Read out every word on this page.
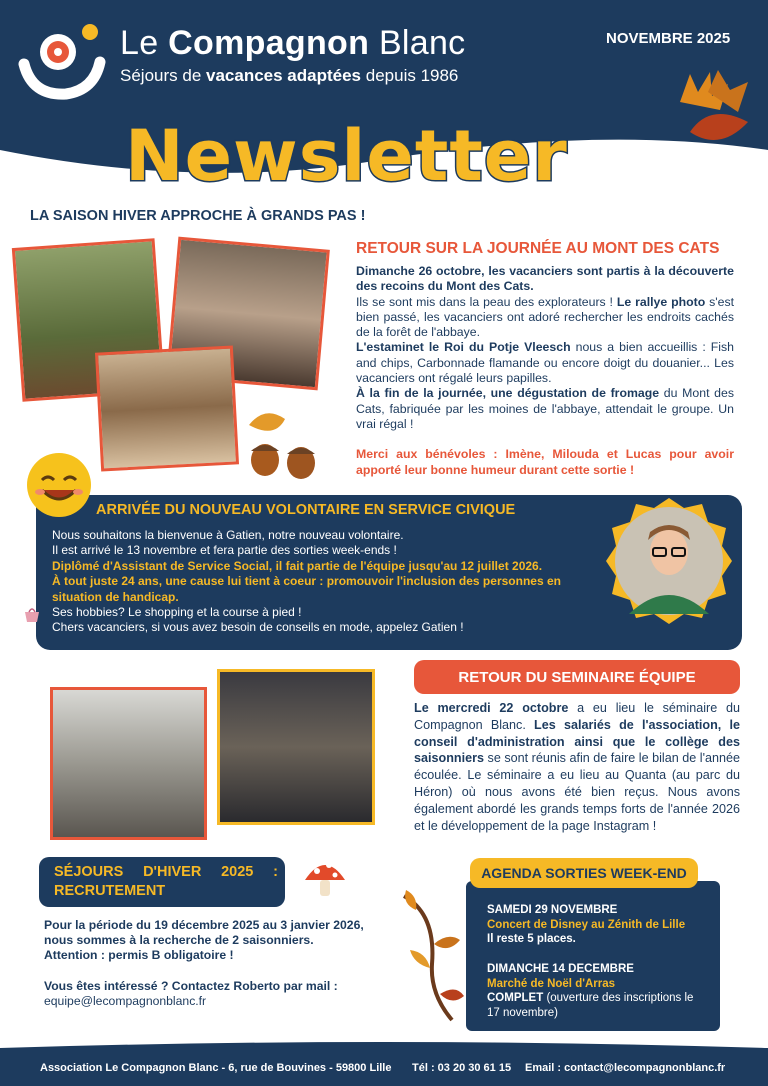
Le Compagnon Blanc
Séjours de vacances adaptées depuis 1986
NOVEMBRE 2025
Newsletter
LA SAISON HIVER APPROCHE À GRANDS PAS !
RETOUR SUR LA JOURNÉE AU MONT DES CATS
Dimanche 26 octobre, les vacanciers sont partis à la découverte des recoins du Mont des Cats.
Ils se sont mis dans la peau des explorateurs ! Le rallye photo s'est bien passé, les vacanciers ont adoré rechercher les endroits cachés de la forêt de l'abbaye.
L'estaminet le Roi du Potje Vleesch nous a bien accueillis : Fish and chips, Carbonnade flamande ou encore doigt du douanier... Les vacanciers ont régalé leurs papilles.
À la fin de la journée, une dégustation de fromage du Mont des Cats, fabriquée par les moines de l'abbaye, attendait le groupe. Un vrai régal !
Merci aux bénévoles : Imène, Milouda et Lucas pour avoir apporté leur bonne humeur durant cette sortie !
ARRIVÉE DU NOUVEAU VOLONTAIRE EN SERVICE CIVIQUE
Nous souhaitons la bienvenue à Gatien, notre nouveau volontaire.
Il est arrivé le 13 novembre et fera partie des sorties week-ends !
Diplômé d'Assistant de Service Social, il fait partie de l'équipe jusqu'au 12 juillet 2026.
À tout juste 24 ans, une cause lui tient à coeur : promouvoir l'inclusion des personnes en situation de handicap.
Ses hobbies? Le shopping et la course à pied !
Chers vacanciers, si vous avez besoin de conseils en mode, appelez Gatien !
RETOUR DU SEMINAIRE ÉQUIPE
Le mercredi 22 octobre a eu lieu le séminaire du Compagnon Blanc. Les salariés de l'association, le conseil d'administration ainsi que le collège des saisonniers se sont réunis afin de faire le bilan de l'année écoulée. Le séminaire a eu lieu au Quanta (au parc du Héron) où nous avons été bien reçus. Nous avons également abordé les grands temps forts de l'année 2026 et le développement de la page Instagram !
SÉJOURS D'HIVER 2025 : RECRUTEMENT
Pour la période du 19 décembre 2025 au 3 janvier 2026, nous sommes à la recherche de 2 saisonniers.
Attention : permis B obligatoire !
Vous êtes intéressé ? Contactez Roberto par mail :
equipe@lecompagnonblanc.fr
AGENDA SORTIES WEEK-END
SAMEDI 29 NOVEMBRE
Concert de Disney au Zénith de Lille
Il reste 5 places.
DIMANCHE 14 DECEMBRE
Marché de Noël d'Arras
COMPLET (ouverture des inscriptions le 17 novembre)
Association Le Compagnon Blanc - 6, rue de Bouvines - 59800 Lille Tél : 03 20 30 61 15 Email : contact@lecompagnonblanc.fr
